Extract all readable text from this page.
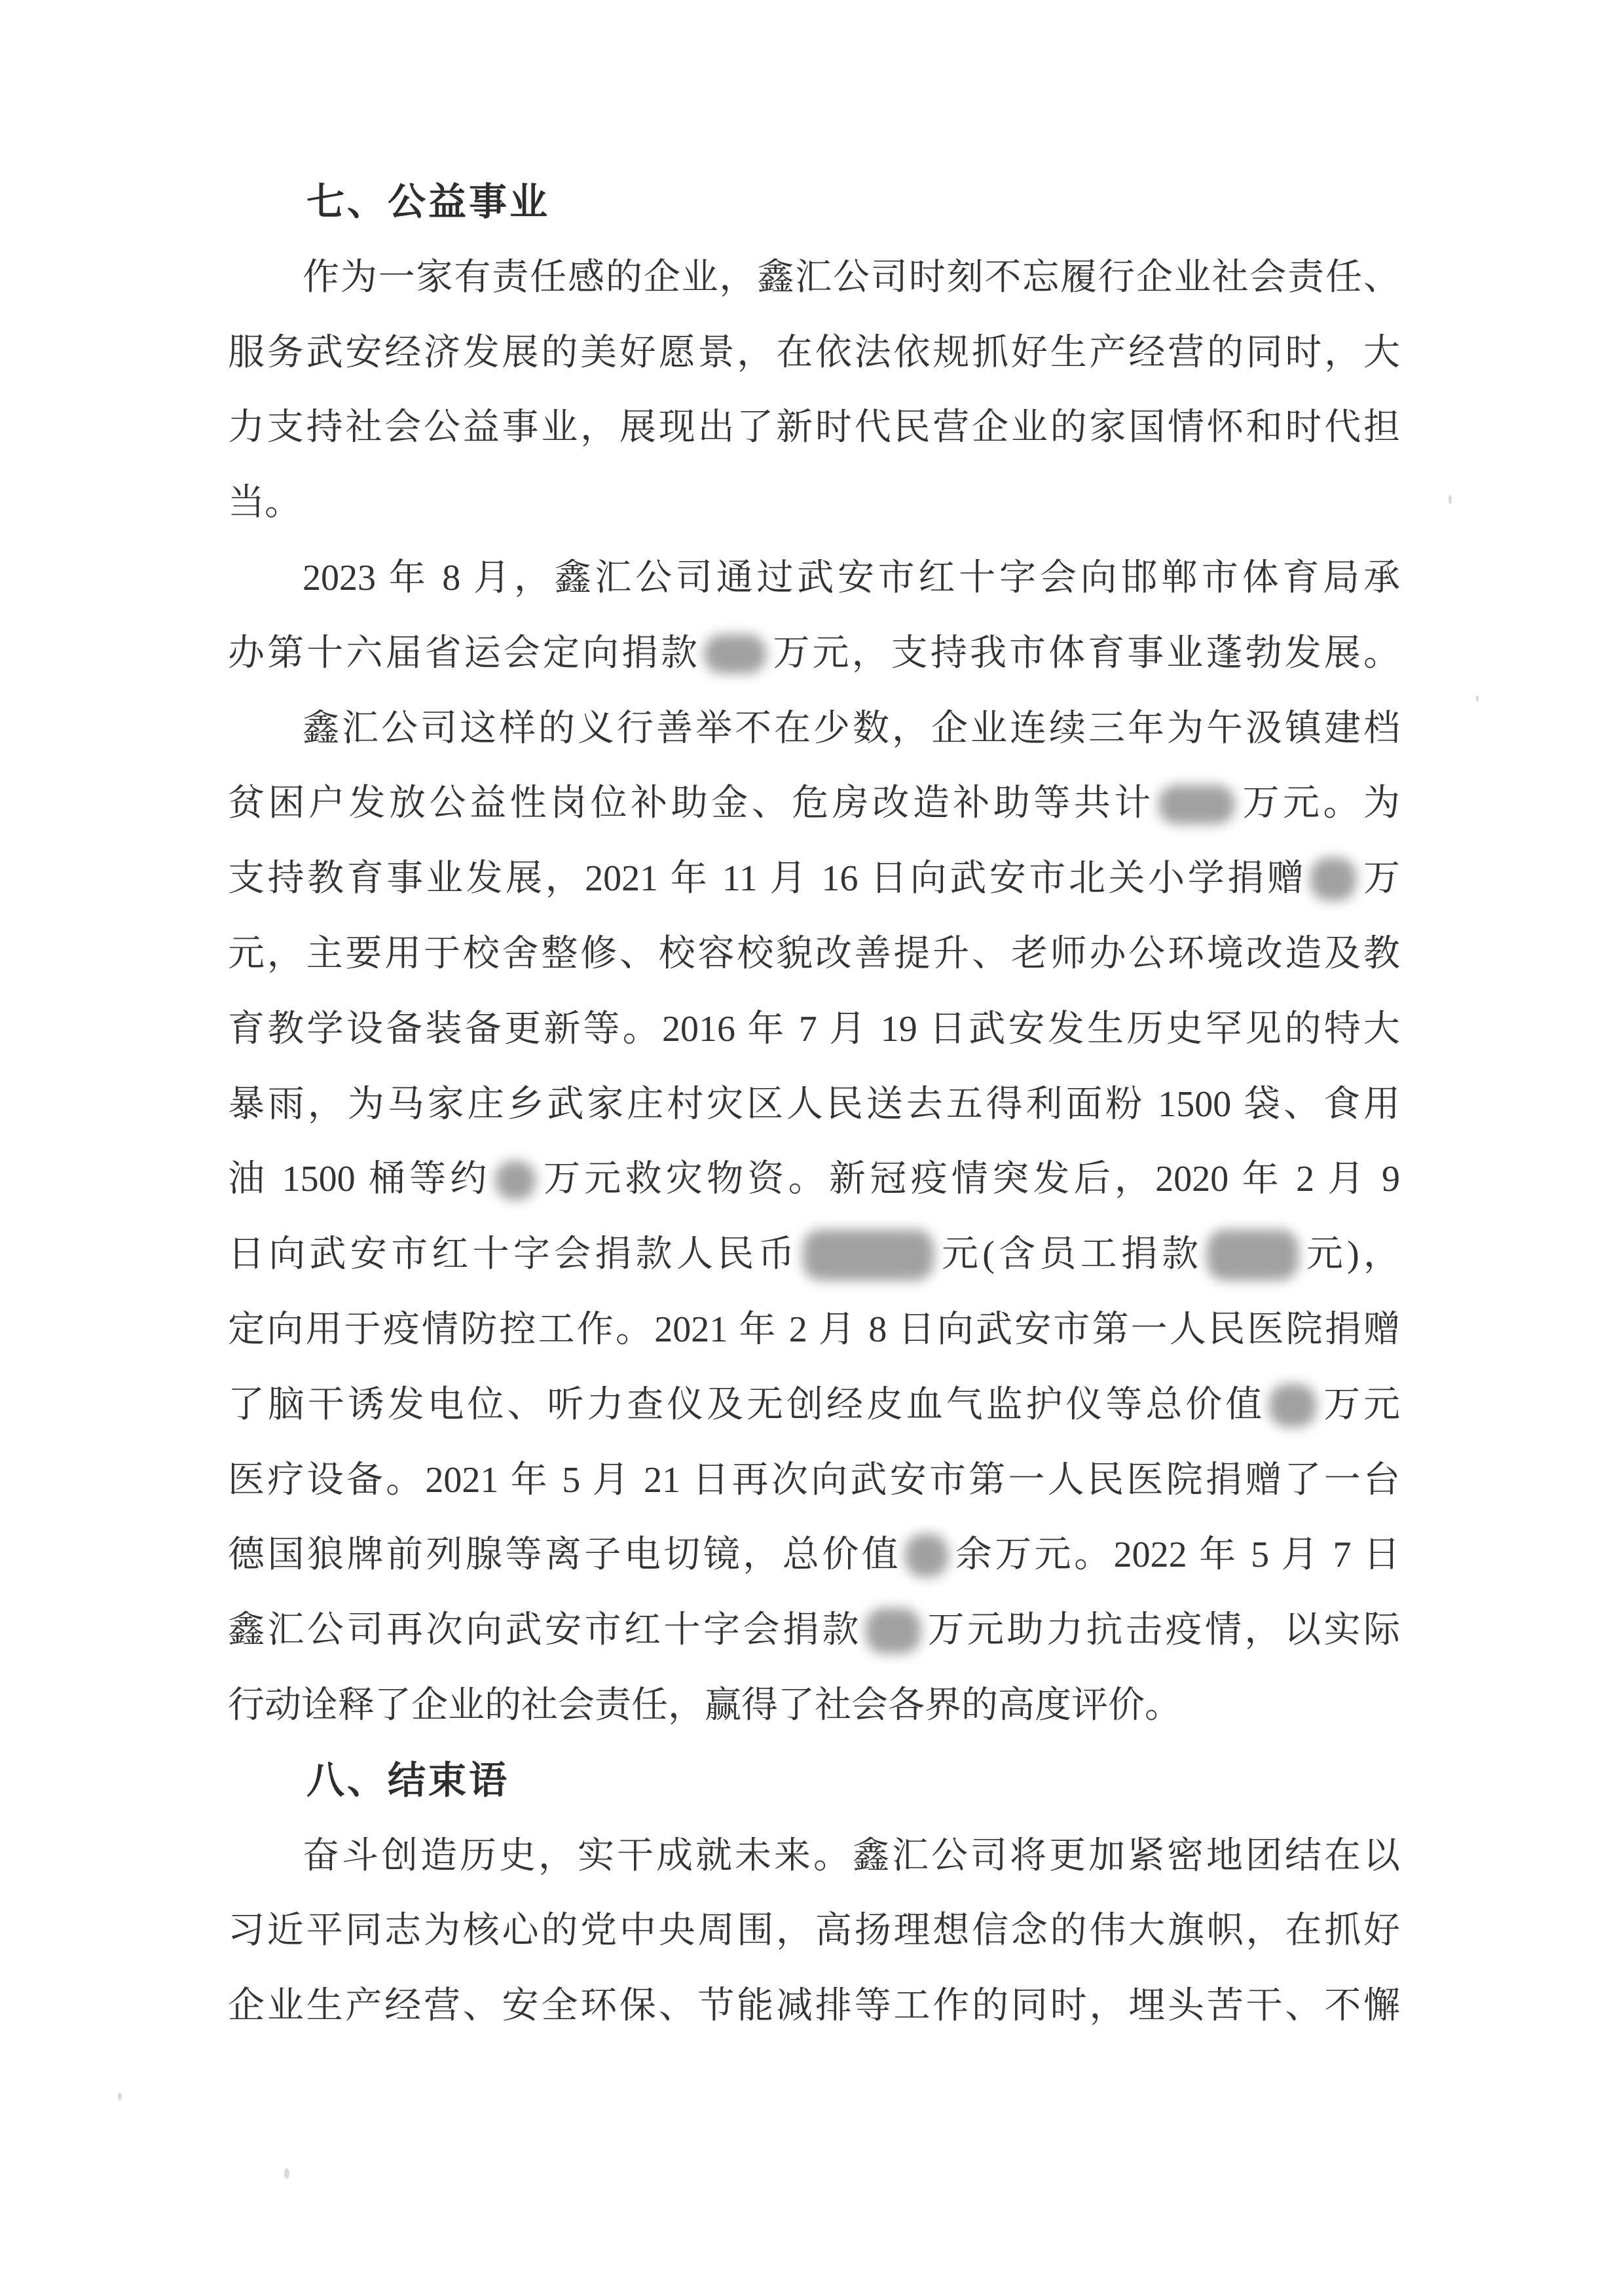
七、公益事业
作为一家有责任感的企业，鑫汇公司时刻不忘履行企业社会责任、
服务武安经济发展的美好愿景，在依法依规抓好生产经营的同时，大
力支持社会公益事业，展现出了新时代民营企业的家国情怀和时代担
当。
2023 年 8 月，鑫汇公司通过武安市红十字会向邯郸市体育局承
办第十六届省运会定向捐款 万元，支持我市体育事业蓬勃发展。
鑫汇公司这样的义行善举不在少数，企业连续三年为午汲镇建档
贫困户发放公益性岗位补助金、危房改造补助等共计 万元。为
支持教育事业发展，2021 年 11 月 16 日向武安市北关小学捐赠 万
元，主要用于校舍整修、校容校貌改善提升、老师办公环境改造及教
育教学设备装备更新等。2016 年 7 月 19 日武安发生历史罕见的特大
暴雨，为马家庄乡武家庄村灾区人民送去五得利面粉 1500 袋、食用
油 1500 桶等约 万元救灾物资。新冠疫情突发后，2020 年 2 月 9
日向武安市红十字会捐款人民币	元(含员工捐款	元)，
定向用于疫情防控工作。2021 年 2 月 8 日向武安市第一人民医院捐赠
了脑干诱发电位、听力查仪及无创经皮血气监护仪等总价值 万元
医疗设备。2021 年 5 月 21 日再次向武安市第一人民医院捐赠了一台
德国狼牌前列腺等离子电切镜，总价值 余万元。2022 年 5 月 7 日
鑫汇公司再次向武安市红十字会捐款 万元助力抗击疫情，以实际
行动诠释了企业的社会责任，赢得了社会各界的高度评价。
八、结束语
奋斗创造历史，实干成就未来。鑫汇公司将更加紧密地团结在以
习近平同志为核心的党中央周围，高扬理想信念的伟大旗帜，在抓好
企业生产经营、安全环保、节能减排等工作的同时，埋头苦干、不懈
